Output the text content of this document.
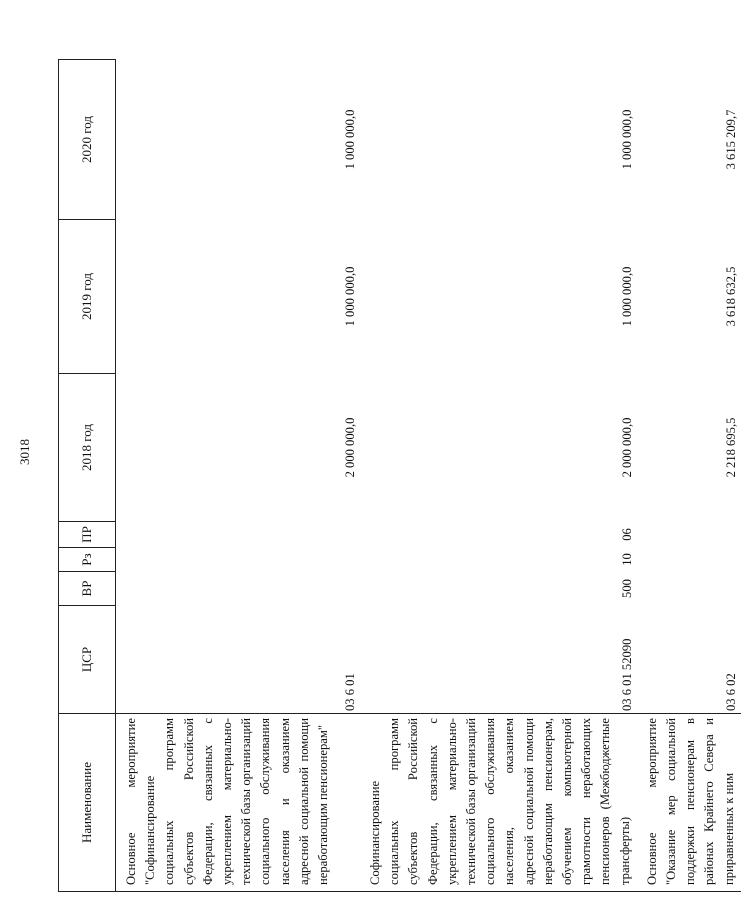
3018
Наименование	ЦСР	ВР	Рз	ПР	2018 год	2019 год	2020 год
Основное мероприятие "Софинансирование социальных программ субъектов Российской Федерации, связанных с укреплением материально-технической базы организаций социального обслуживания населения и оказанием адресной социальной помощи неработающим пенсионерам"	03 6 01				2 000 000,0	1 000 000,0	1 000 000,0
Софинансирование социальных программ субъектов Российской Федерации, связанных с укреплением материально-технической базы организаций социального обслуживания населения, оказанием адресной социальной помощи неработающим пенсионерам, обучением компьютерной грамотности неработающих пенсионеров (Межбюджетные трансферты)	03 6 01 52090	500	10	06	2 000 000,0	1 000 000,0	1 000 000,0
Основное мероприятие "Оказание мер социальной поддержки пенсионерам в районах Крайнего Севера и приравненных к ним	03 6 02				2 218 695,5	3 618 632,5	3 615 209,7
